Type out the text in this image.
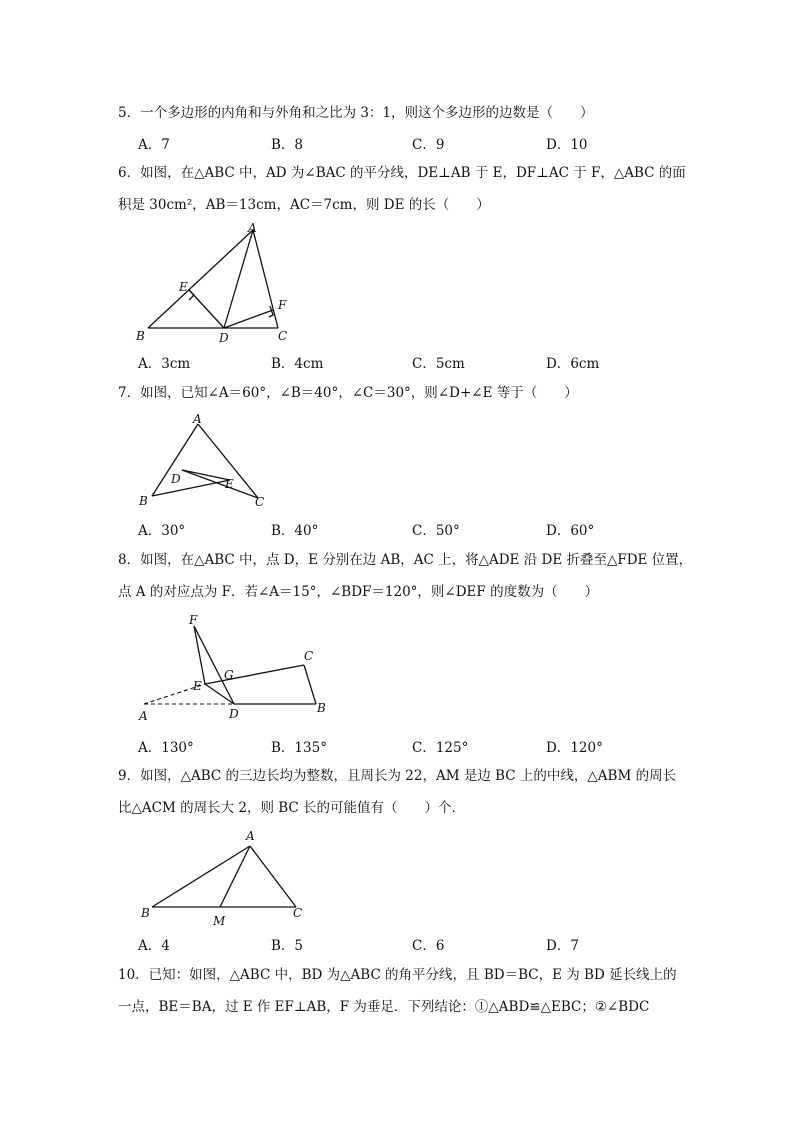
5．一个多边形的内角和与外角和之比为 3：1，则这个多边形的边数是（　　）
A．7	B．8	C．9	D．10
6．如图，在△ABC 中，AD 为∠BAC 的平分线，DE⊥AB 于 E，DF⊥AC 于 F，△ABC 的面
积是 30cm²，AB＝13cm，AC＝7cm，则 DE 的长（　　）
A
B	C
D
E
F
A．3cm	B．4cm	C．5cm	D．6cm
7．如图，已知∠A＝60°，∠B＝40°，∠C＝30°，则∠D+∠E 等于（　　）
A
B	C
D	E
A．30°	B．40°	C．50°	D．60°
8．如图，在△ABC 中，点 D，E 分别在边 AB，AC 上，将△ADE 沿 DE 折叠至△FDE 位置，
点 A 的对应点为 F．若∠A＝15°，∠BDF＝120°，则∠DEF 的度数为（　　）
F
G
C
E
A	D	B
A．130°	B．135°	C．125°	D．120°
9．如图，△ABC 的三边长均为整数，且周长为 22，AM 是边 BC 上的中线，△ABM 的周长
比△ACM 的周长大 2，则 BC 长的可能值有（　　）个．
A
B
M
C
A．4	B．5	C．6	D．7
10．已知：如图，△ABC 中，BD 为△ABC 的角平分线，且 BD＝BC，E 为 BD 延长线上的
一点，BE＝BA，过 E 作 EF⊥AB，F 为垂足．下列结论：①△ABD≌△EBC；②∠BDC
